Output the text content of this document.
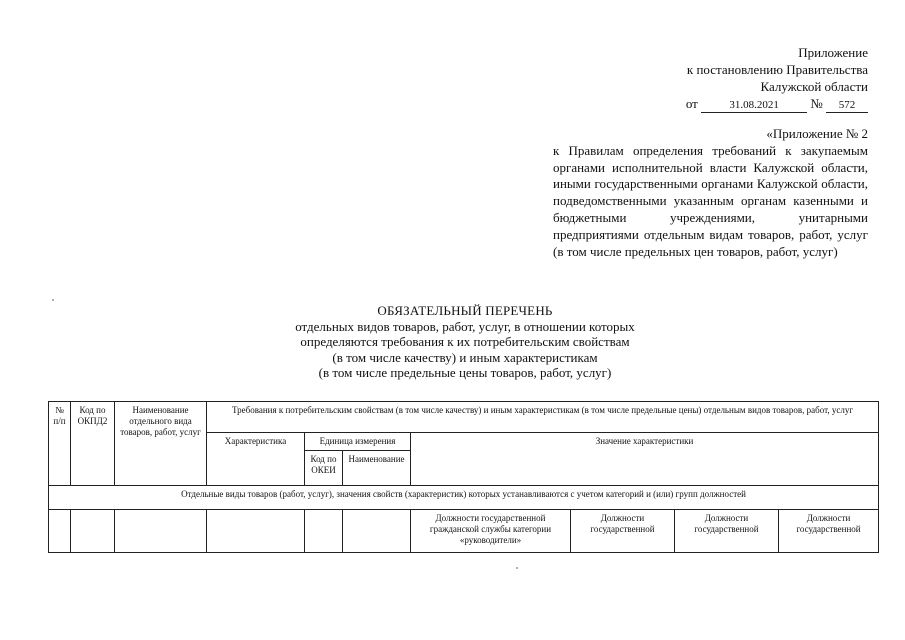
Приложение
к постановлению Правительства
Калужской области
от	31.08.2021 № 572
«Приложение № 2
к Правилам определения требований к закупаемым органами исполнительной власти Калужской области, иными государственными органами Калужской области, подведомственными указанным органам казенными и бюджетными учреждениями, унитарными предприятиями отдельным видам товаров, работ, услуг (в том числе предельных цен товаров, работ, услуг)
ОБЯЗАТЕЛЬНЫЙ ПЕРЕЧЕНЬ
отдельных видов товаров, работ, услуг, в отношении которых
определяются требования к их потребительским свойствам
(в том числе качеству) и иным характеристикам
(в том числе предельные цены товаров, работ, услуг)
№ п/п	Код по ОКПД2	Наименование отдельного вида товаров, работ, услуг	Требования к потребительским свойствам (в том числе качеству) и иным характеристикам (в том числе предельные цены) отдельным видов товаров, работ, услуг						
			Характеристика	Единица измерения		Значение характеристики			
				Код по ОКЕИ	Наименование				
Отдельные виды товаров (работ, услуг), значения свойств (характеристик) которых устанавливаются с учетом категорий и (или) групп должностей									
						Должности государственной гражданской службы категории «руководители»	Должности государственной	Должности государственной	Должности государственной
